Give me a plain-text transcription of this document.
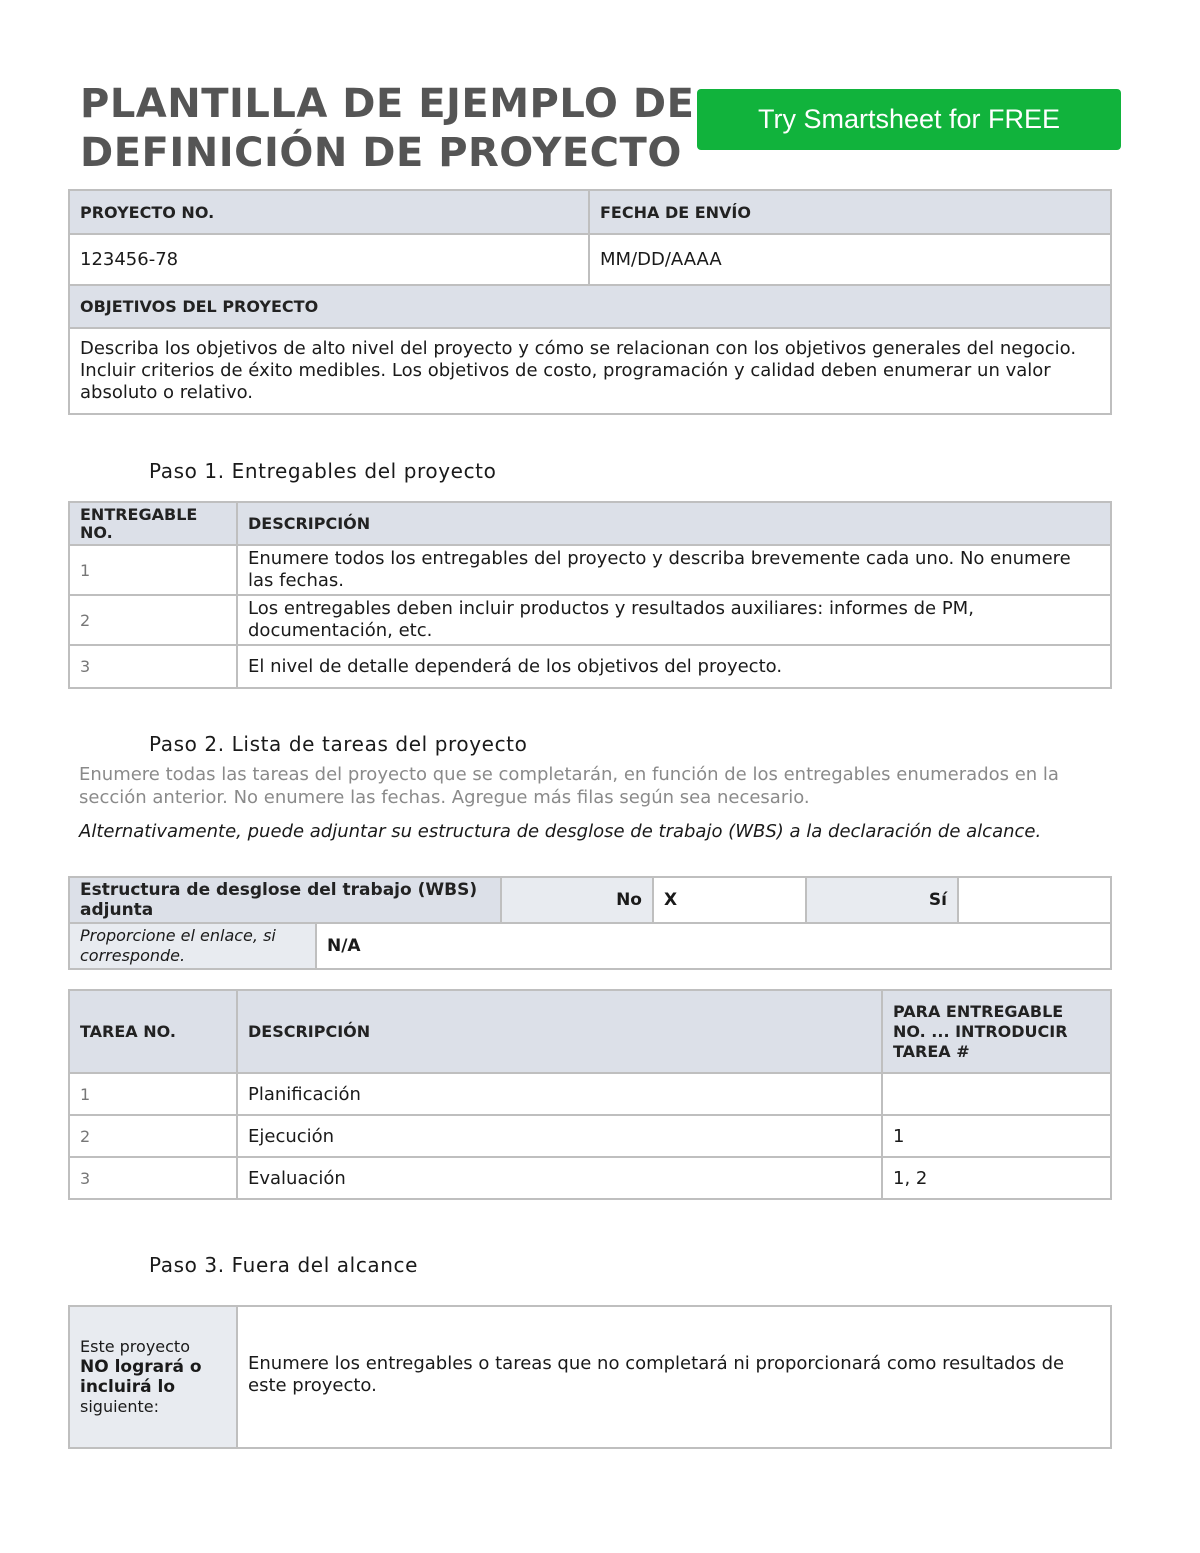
PLANTILLA DE EJEMPLO DE
DEFINICIÓN DE PROYECTO
Try Smartsheet for FREE
PROYECTO NO.	FECHA DE ENVÍO
123456-78	MM/DD/AAAA
OBJETIVOS DEL PROYECTO	
Describa los objetivos de alto nivel del proyecto y cómo se relacionan con los objetivos generales del negocio. Incluir criterios de éxito medibles. Los objetivos de costo, programación y calidad deben enumerar un valor absoluto o relativo.	
Paso 1. Entregables del proyecto
ENTREGABLE NO.	DESCRIPCIÓN
1	Enumere todos los entregables del proyecto y describa brevemente cada uno. No enumere las fechas.
2	Los entregables deben incluir productos y resultados auxiliares: informes de PM, documentación, etc.
3	El nivel de detalle dependerá de los objetivos del proyecto.
Paso 2. Lista de tareas del proyecto
Enumere todas las tareas del proyecto que se completarán, en función de los entregables enumerados en la sección anterior. No enumere las fechas. Agregue más filas según sea necesario.
Alternativamente, puede adjuntar su estructura de desglose de trabajo (WBS) a la declaración de alcance.
Estructura de desglose del trabajo (WBS) adjunta		No	X	Sí	
Proporcione el enlace, si corresponde.	N/A				
TAREA NO.	DESCRIPCIÓN	PARA ENTREGABLE NO. ... INTRODUCIR TAREA #
1	Planificación	
2	Ejecución	1
3	Evaluación	1, 2
Paso 3. Fuera del alcance
Este proyecto
NO logrará o incluirá lo
siguiente:
	Enumere los entregables o tareas que no completará ni proporcionará como resultados de este proyecto.
